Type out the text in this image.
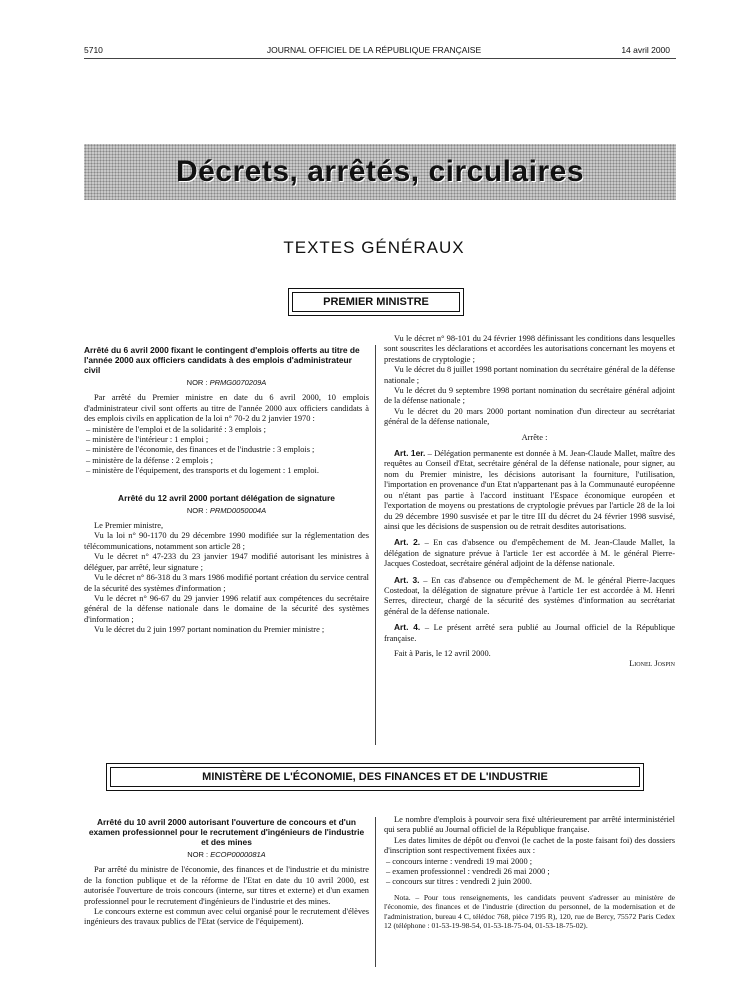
5710	JOURNAL OFFICIEL DE LA RÉPUBLIQUE FRANÇAISE	14 avril 2000
Décrets, arrêtés, circulaires
TEXTES GÉNÉRAUX
PREMIER MINISTRE
Arrêté du 6 avril 2000 fixant le contingent d'emplois offerts au titre de l'année 2000 aux officiers candidats à des emplois d'administrateur civil
NOR : PRMG0070209A

Par arrêté du Premier ministre en date du 6 avril 2000, 10 emplois d'administrateur civil sont offerts au titre de l'année 2000 aux officiers candidats à des emplois civils en application de la loi n° 70-2 du 2 janvier 1970 :

– ministère de l'emploi et de la solidarité : 3 emplois ;
– ministère de l'intérieur : 1 emploi ;
– ministère de l'économie, des finances et de l'industrie : 3 emplois ;
– ministère de la défense : 2 emplois ;
– ministère de l'équipement, des transports et du logement : 1 emploi.
Arrêté du 12 avril 2000 portant délégation de signature
NOR : PRMD0050004A

Le Premier ministre,

Vu la loi n° 90-1170 du 29 décembre 1990 modifiée sur la réglementation des télécommunications, notamment son article 28 ;

Vu le décret n° 47-233 du 23 janvier 1947 modifié autorisant les ministres à déléguer, par arrêté, leur signature ;

Vu le décret n° 86-318 du 3 mars 1986 modifié portant création du service central de la sécurité des systèmes d'information ;

Vu le décret n° 96-67 du 29 janvier 1996 relatif aux compétences du secrétaire général de la défense nationale dans le domaine de la sécurité des systèmes d'information ;

Vu le décret du 2 juin 1997 portant nomination du Premier ministre ;

Vu le décret n° 98-101 du 24 février 1998 définissant les conditions dans lesquelles sont souscrites les déclarations et accordées les autorisations concernant les moyens et prestations de cryptologie ;

Vu le décret du 8 juillet 1998 portant nomination du secrétaire général de la défense nationale ;

Vu le décret du 9 septembre 1998 portant nomination du secrétaire général adjoint de la défense nationale ;

Vu le décret du 20 mars 2000 portant nomination d'un directeur au secrétariat général de la défense nationale,

Arrête :

Art. 1er. – Délégation permanente est donnée à M. Jean-Claude Mallet, maître des requêtes au Conseil d'Etat, secrétaire général de la défense nationale, pour signer, au nom du Premier ministre, les décisions autorisant la fourniture, l'utilisation, l'importation en provenance d'un Etat n'appartenant pas à la Communauté européenne ou n'étant pas partie à l'accord instituant l'Espace économique européen et l'exportation de moyens ou prestations de cryptologie prévues par l'article 28 de la loi du 29 décembre 1990 susvisée et par le titre III du décret du 24 février 1998 susvisé, ainsi que les décisions de suspension ou de retrait desdites autorisations.

Art. 2. – En cas d'absence ou d'empêchement de M. Jean-Claude Mallet, la délégation de signature prévue à l'article 1er est accordée à M. le général Pierre-Jacques Costedoat, secrétaire général adjoint de la défense nationale.

Art. 3. – En cas d'absence ou d'empêchement de M. le général Pierre-Jacques Costedoat, la délégation de signature prévue à l'article 1er est accordée à M. Henri Serres, directeur, chargé de la sécurité des systèmes d'information au secrétariat général de la défense nationale.

Art. 4. – Le présent arrêté sera publié au Journal officiel de la République française.

Fait à Paris, le 12 avril 2000.

Lionel Jospin

MINISTÈRE DE L'ÉCONOMIE, DES FINANCES ET DE L'INDUSTRIE
Arrêté du 10 avril 2000 autorisant l'ouverture de concours et d'un examen professionnel pour le recrutement d'ingénieurs de l'industrie et des mines
NOR : ECOP0000081A

Par arrêté du ministre de l'économie, des finances et de l'industrie et du ministre de la fonction publique et de la réforme de l'Etat en date du 10 avril 2000, est autorisée l'ouverture de trois concours (interne, sur titres et externe) et d'un examen professionnel pour le recrutement d'ingénieurs de l'industrie et des mines.

Le concours externe est commun avec celui organisé pour le recrutement d'élèves ingénieurs des travaux publics de l'Etat (service de l'équipement).

Le nombre d'emplois à pourvoir sera fixé ultérieurement par arrêté interministériel qui sera publié au Journal officiel de la République française.

Les dates limites de dépôt ou d'envoi (le cachet de la poste faisant foi) des dossiers d'inscription sont respectivement fixées aux :

– concours interne : vendredi 19 mai 2000 ;
– examen professionnel : vendredi 26 mai 2000 ;
– concours sur titres : vendredi 2 juin 2000.

Nota. – Pour tous renseignements, les candidats peuvent s'adresser au ministère de l'économie, des finances et de l'industrie (direction du personnel, de la modernisation et de l'administration, bureau 4 C, télédoc 768, pièce 7195 R), 120, rue de Bercy, 75572 Paris Cedex 12 (téléphone : 01-53-19-98-54, 01-53-18-75-04, 01-53-18-75-02).
